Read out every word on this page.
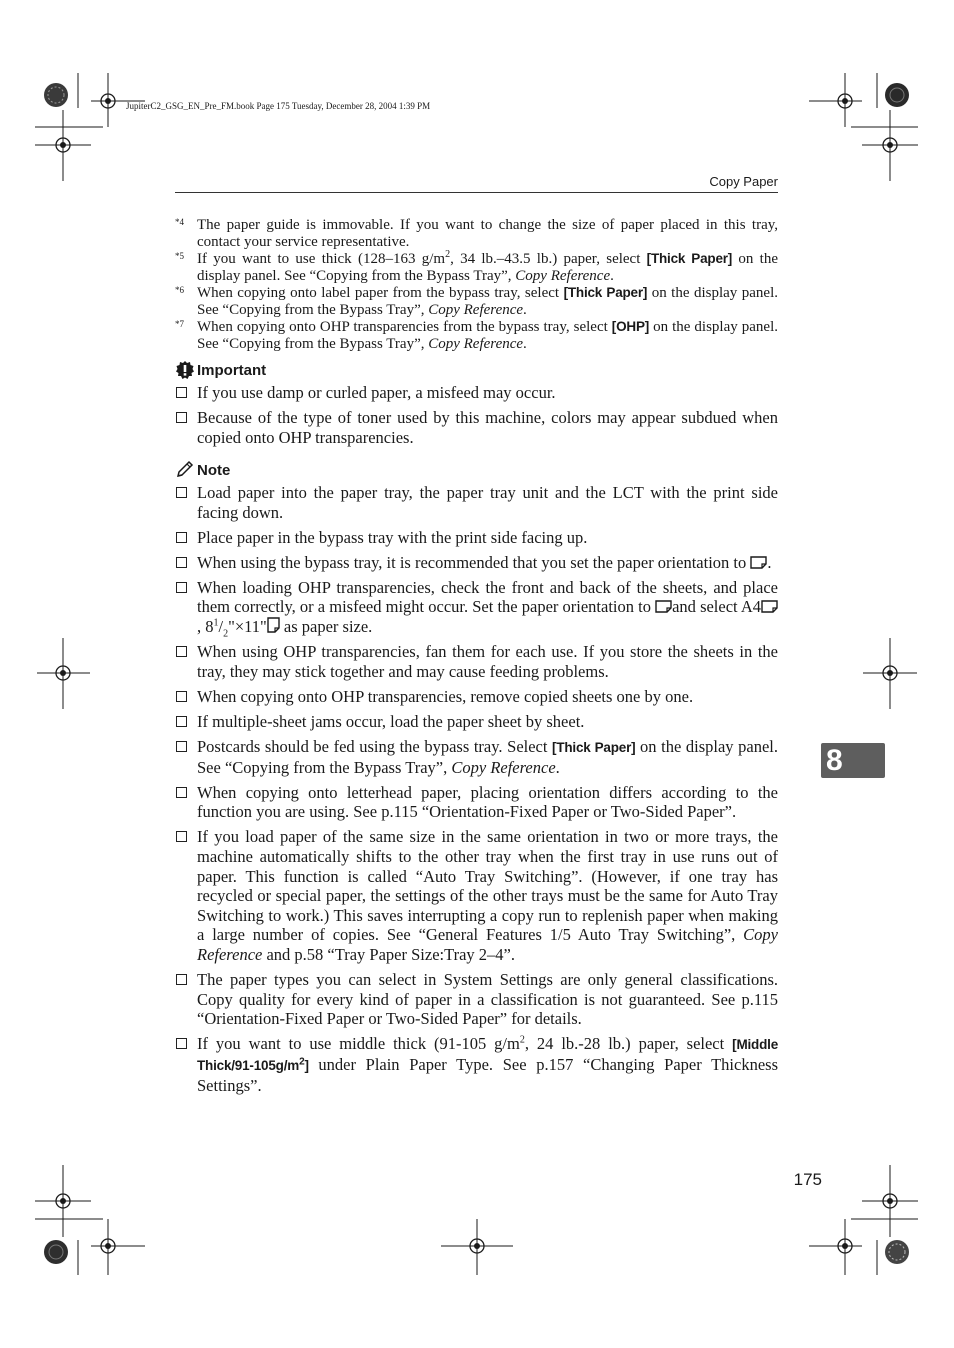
JupiterC2_GSG_EN_Pre_FM.book Page 175 Tuesday, December 28, 2004 1:39 PM
Copy Paper
*4 The paper guide is immovable. If you want to change the size of paper placed in this tray, contact your service representative.
*5 If you want to use thick (128–163 $g/m^2$, 34 lb.–43.5 lb.) paper, select [Thick Paper] on the display panel. See “Copying from the Bypass Tray”, Copy Reference.
*6 When copying onto label paper from the bypass tray, select [Thick Paper] on the display panel. See “Copying from the Bypass Tray”, Copy Reference.
*7 When copying onto OHP transparencies from the bypass tray, select [OHP] on the display panel. See “Copying from the Bypass Tray”, Copy Reference.
Important
If you use damp or curled paper, a misfeed may occur.
Because of the type of toner used by this machine, colors may appear subdued when copied onto OHP transparencies.
Note
Load paper into the paper tray, the paper tray unit and the LCT with the print side facing down.
Place paper in the bypass tray with the print side facing up.
When using the bypass tray, it is recommended that you set the paper orientation to .
When loading OHP transparencies, check the front and back of the sheets, and place them correctly, or a misfeed might occur. Set the paper orientation to and select A4, $8^1/_2"\times 11$" as paper size.
When using OHP transparencies, fan them for each use. If you store the sheets in the tray, they may stick together and may cause feeding problems.
When copying onto OHP transparencies, remove copied sheets one by one.
If multiple-sheet jams occur, load the paper sheet by sheet.
Postcards should be fed using the bypass tray. Select [Thick Paper] on the display panel. See “Copying from the Bypass Tray”, Copy Reference.
When copying onto letterhead paper, placing orientation differs according to the function you are using. See p.115 “Orientation-Fixed Paper or Two-Sided Paper”.
If you load paper of the same size in the same orientation in two or more trays, the machine automatically shifts to the other tray when the first tray in use runs out of paper. This function is called “Auto Tray Switching”. (However, if one tray has recycled or special paper, the settings of the other trays must be the same for Auto Tray Switching to work.) This saves interrupting a copy run to replenish paper when making a large number of copies. See “General Features 1/5 Auto Tray Switching”, Copy Reference and p.58 “Tray Paper Size:Tray 2–4”.
The paper types you can select in System Settings are only general classifications. Copy quality for every kind of paper in a classification is not guaranteed. See p.115 “Orientation-Fixed Paper or Two-Sided Paper” for details.
If you want to use middle thick (91-105 $g/m^2$, 24 lb.-28 lb.) paper, select [Middle Thick/$91-105g/m^2$] under Plain Paper Type. See p.157 “Changing Paper Thickness Settings”.
8
175
